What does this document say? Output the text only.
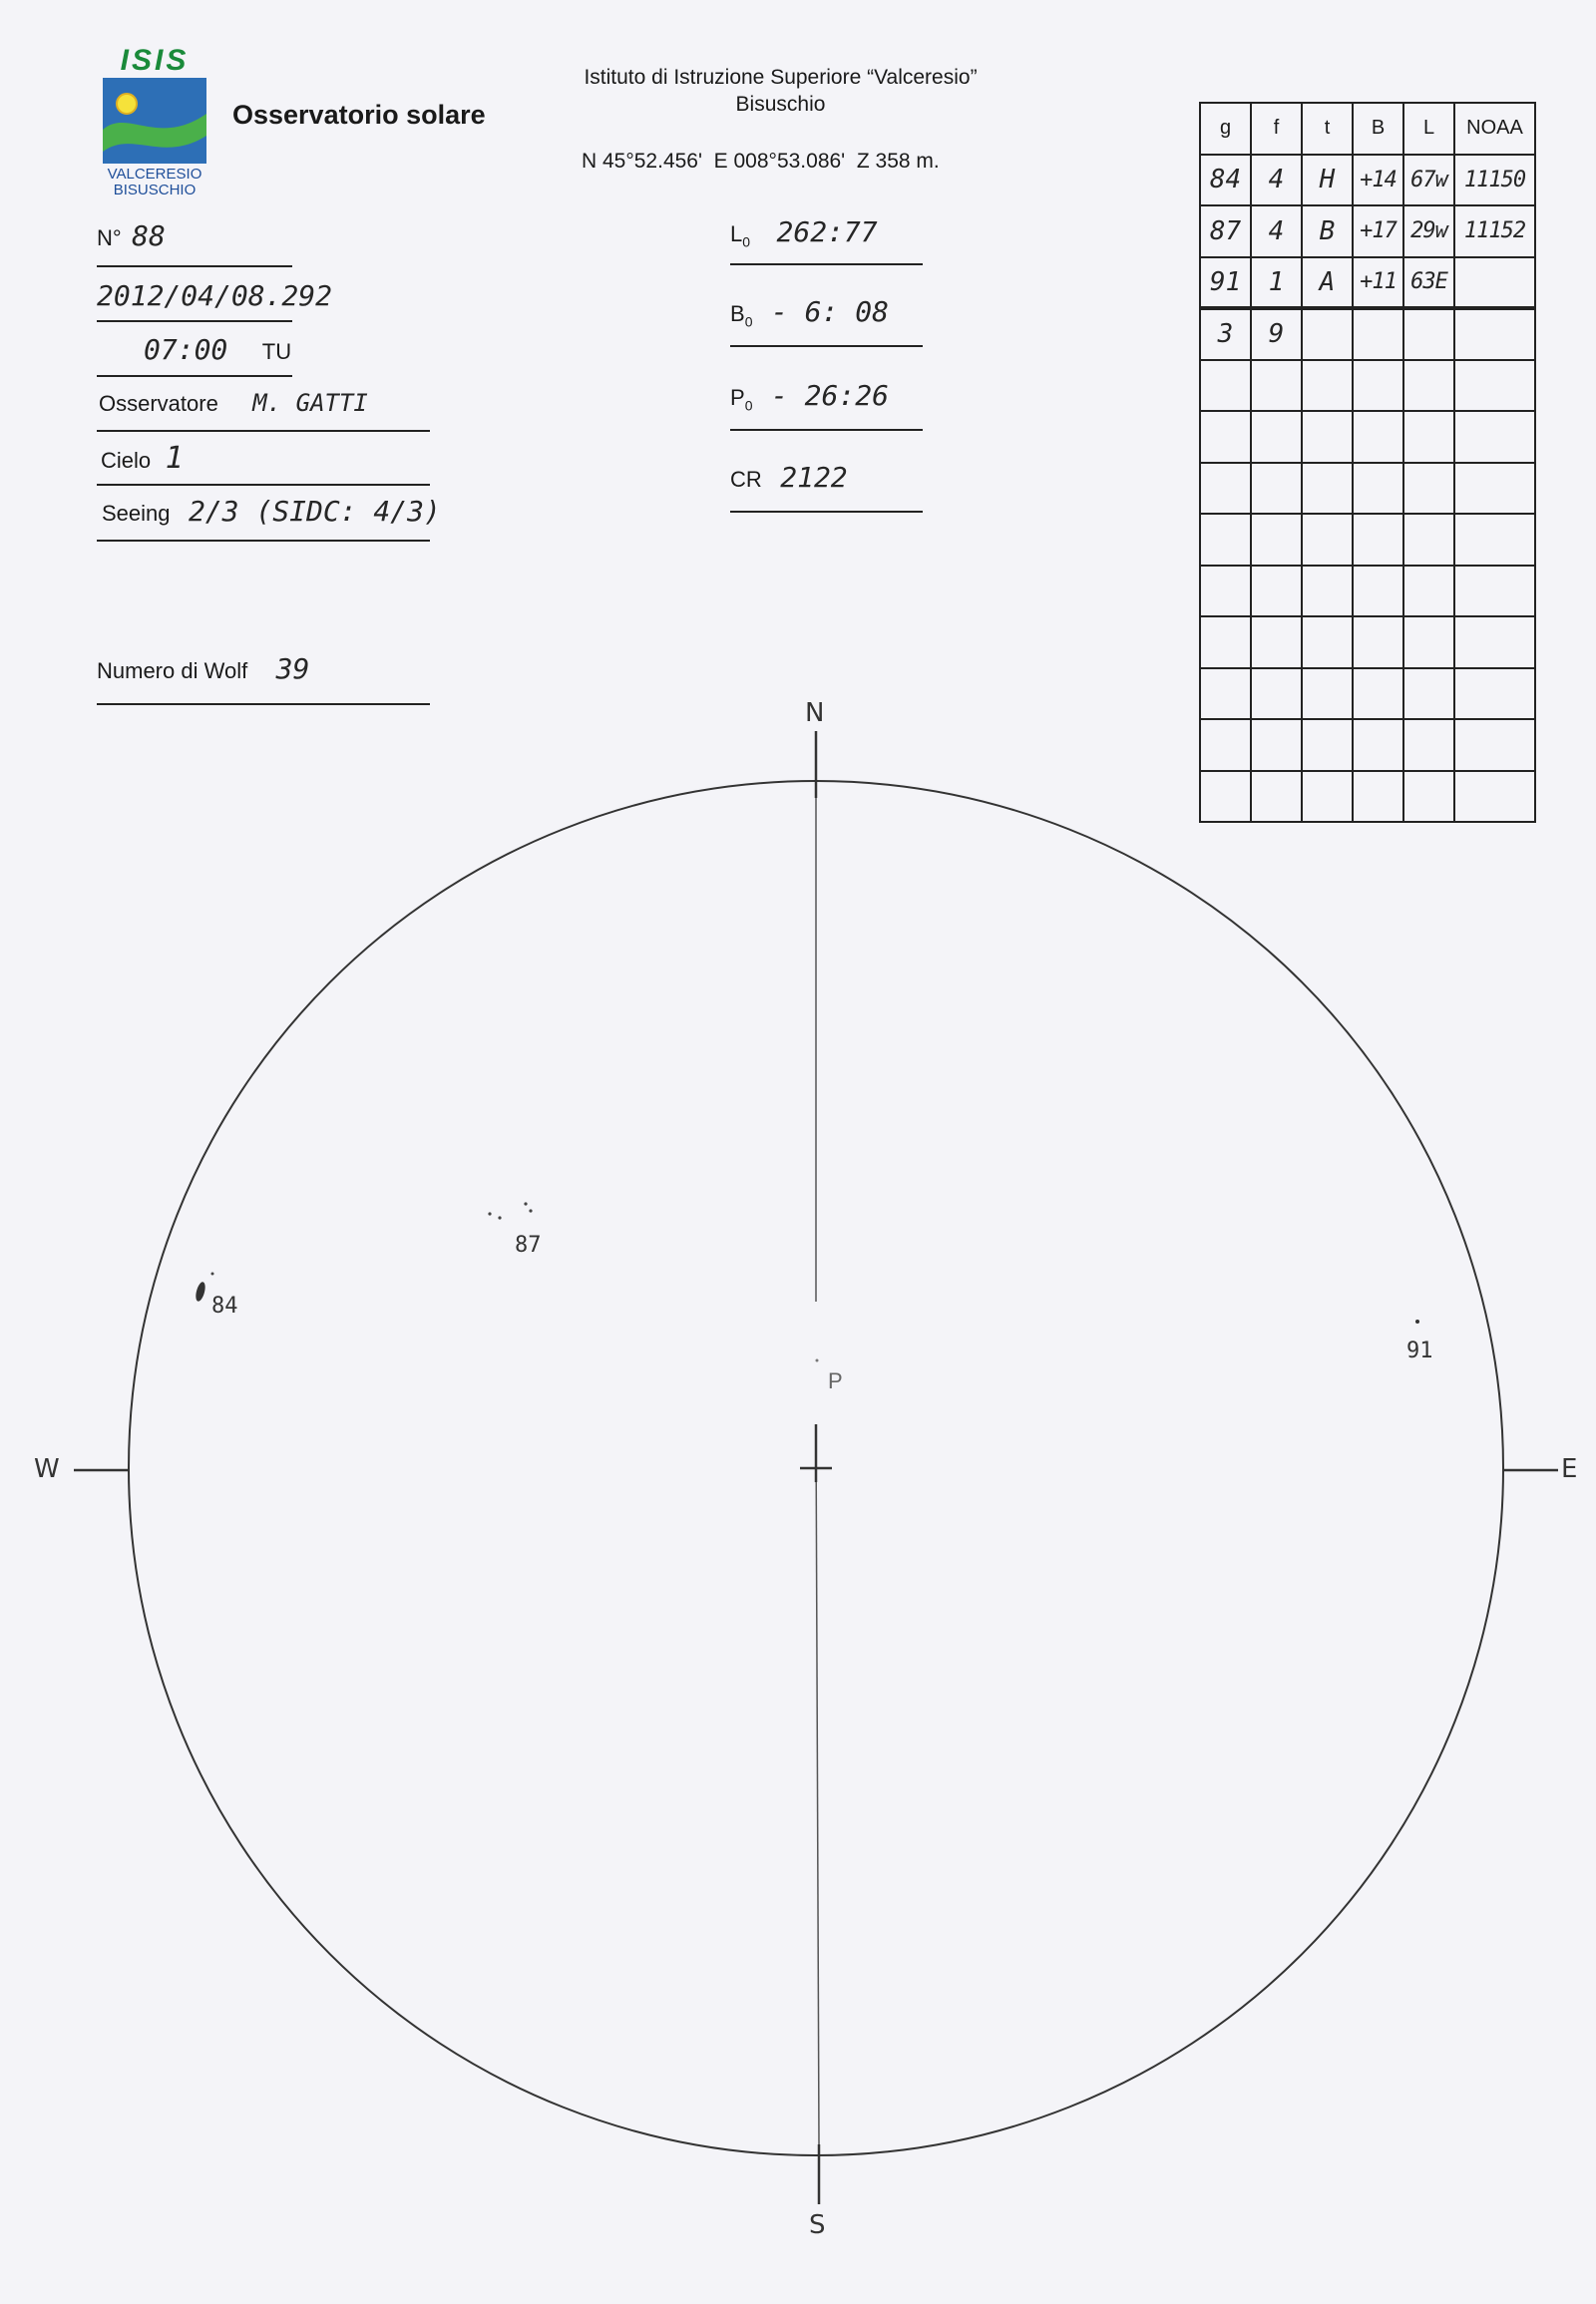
ISIS
VALCERESIO
BISUSCHIO
Osservatorio solare
Istituto di Istruzione Superiore “Valceresio”
Bisuschio
N 45°52.456'  E 008°53.086'  Z 358 m.
N° 88
2012/04/08.292
07:00 TU
Osservatore M. GATTI
Cielo 1
Seeing 2/3 (SIDC: 4/3)
Numero di Wolf 39
$L_0$ 262:77
$B_0 - 6$: 08
$P_0$ - 26:26
CR 2122
g	f	t	B	L	NOAA
84	4	H	+14	67w	11150
87	4	B	+17	29w	11152
91	1	A	+11	63E	
3	9				

N
S
W	E
P
84
87
91
